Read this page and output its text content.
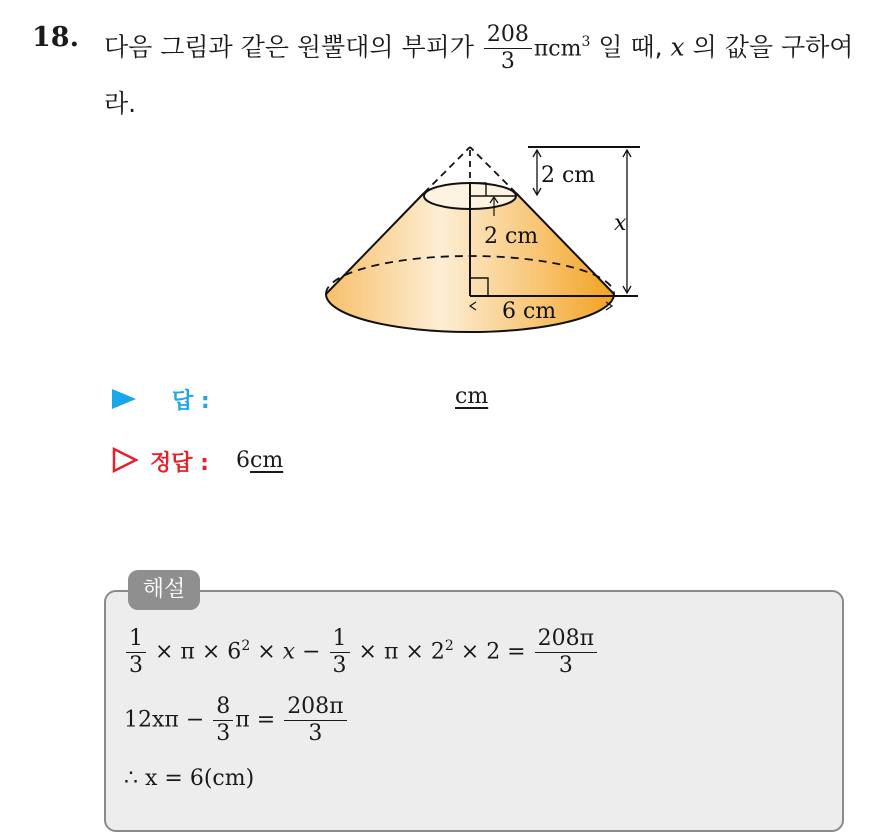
18. 다음 그림과 같은 원뿔대의 부피가 $\frac{208}{3} \pi cm^3$ 일 때, x 의 값을 구하여
라.
2 cm
2 cm
x
6 cm
답 :	cm
정답 : 6cm
해설
$\frac{1}{3} \times \pi \times 6^2 \times x - \frac{1}{3} \times \pi \times 2^2 \times 2 = \frac{208\pi}{3}$
$12x\pi - \frac{8}{3}$ $\pi = \frac{208\pi}{3}$
∴ x = 6(cm)
